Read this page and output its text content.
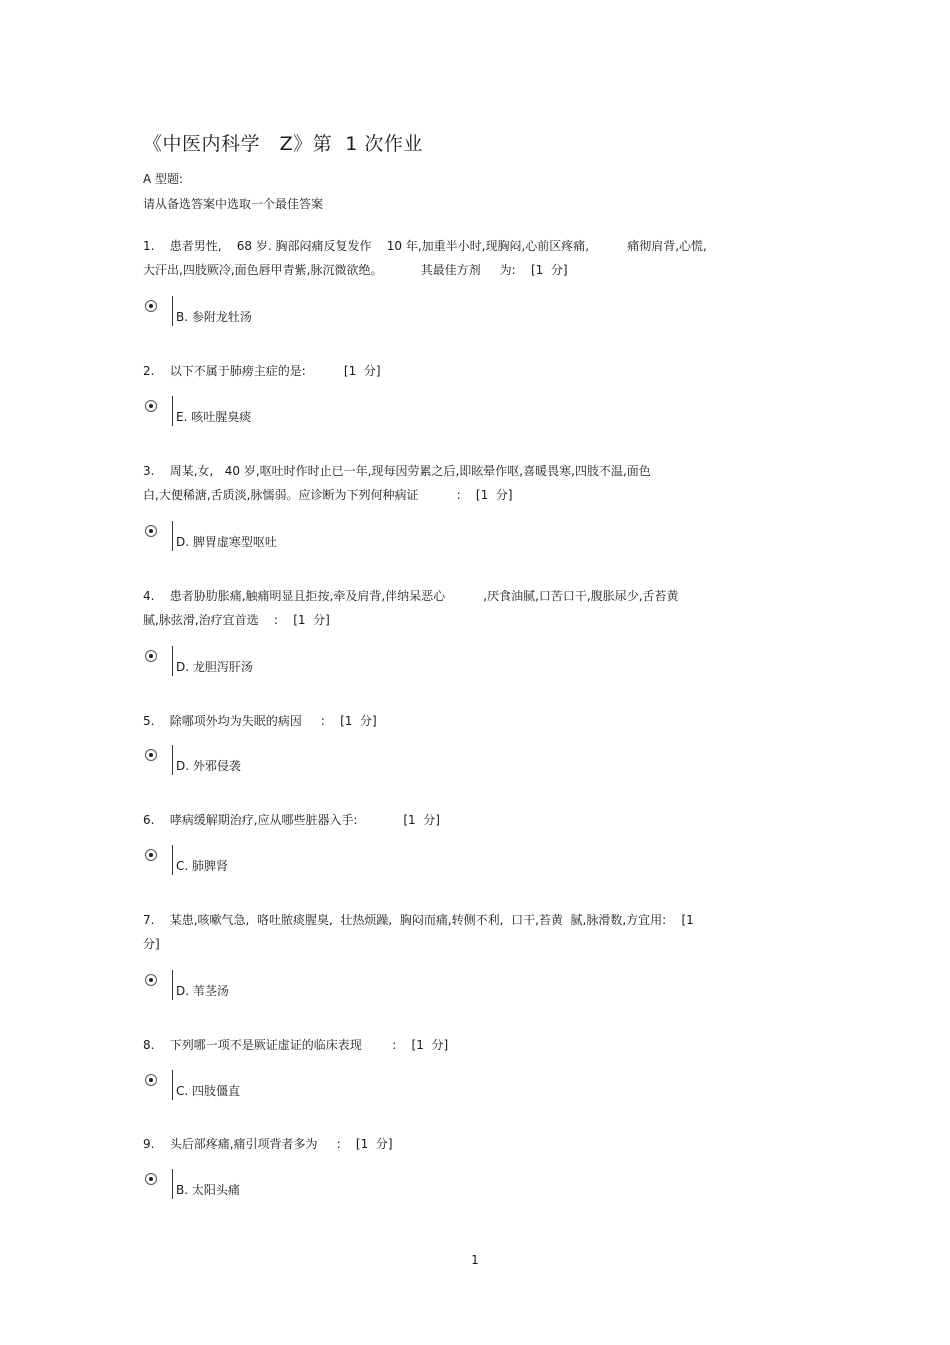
《中医内科学   Z》第  1 次作业
A 型题:
请从备选答案中选取一个最佳答案
1.    患者男性,    68 岁. 胸部闷痛反复发作    10 年,加重半小时,现胸闷,心前区疼痛,          痛彻肩背,心慌,
大汗出,四肢厥冷,面色唇甲青紫,脉沉微欲绝。          其最佳方剂     为:    [1  分]
B. 参附龙牡汤
2.    以下不属于肺痨主症的是:          [1  分]
E. 咳吐腥臭痰
3.    周某,女,   40 岁,呕吐时作时止已一年,现每因劳累之后,即眩晕作呕,喜暖畏寒,四肢不温,面色
白,大便稀溏,舌质淡,脉懦弱。应诊断为下列何种病证          :    [1  分]
D. 脾胃虚寒型呕吐
4.    患者胁肋胀痛,触痛明显且拒按,牵及肩背,伴纳呆恶心          ,厌食油腻,口苦口干,腹胀尿少,舌苔黄
腻,脉弦滑,治疗宜首选    :    [1  分]
D. 龙胆泻肝汤
5.    除哪项外均为失眠的病因     :    [1  分]
D. 外邪侵袭
6.    哮病缓解期治疗,应从哪些脏器入手:            [1  分]
C. 肺脾肾
7.    某患,咳嗽气急,  咯吐脓痰腥臭,  壮热烦躁,  胸闷而痛,转侧不利,  口干,苔黄  腻,脉滑数,方宜用:    [1
分]
D. 苇茎汤
8.    下列哪一项不是厥证虚证的临床表现        :    [1  分]
C. 四肢僵直
9.    头后部疼痛,痛引项背者多为     :    [1  分]
B. 太阳头痛
1
